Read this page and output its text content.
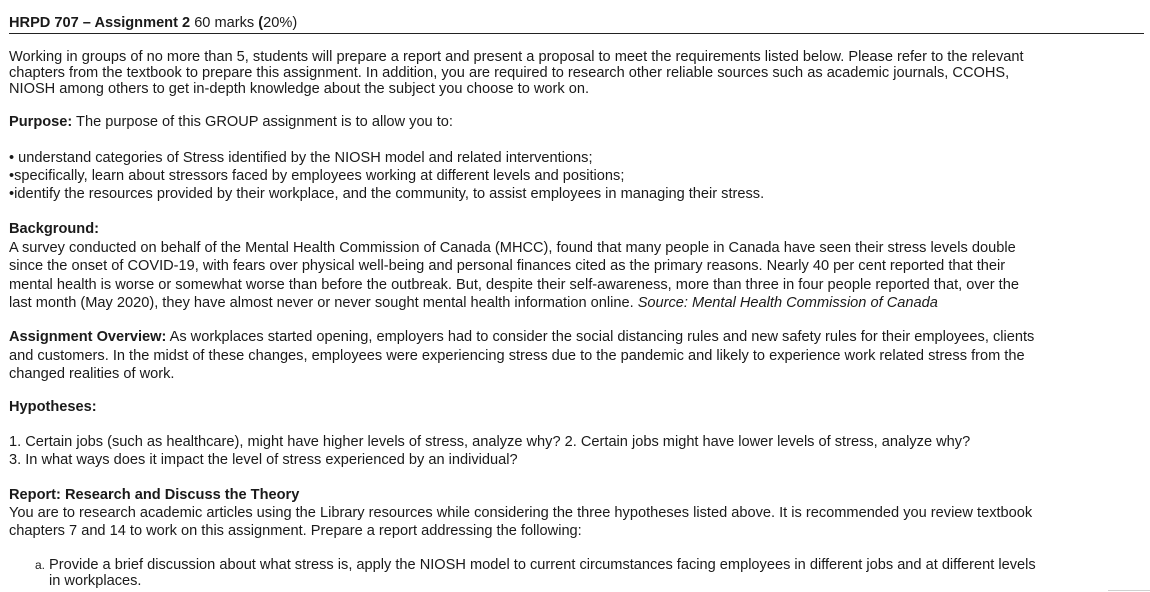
HRPD 707 – Assignment 2 60 marks (20%)
Working in groups of no more than 5, students will prepare a report and present a proposal to meet the requirements listed below. Please refer to the relevant
chapters from the textbook to prepare this assignment. In addition, you are required to research other reliable sources such as academic journals, CCOHS,
NIOSH among others to get in-depth knowledge about the subject you choose to work on.
Purpose: The purpose of this GROUP assignment is to allow you to:
• understand categories of Stress identified by the NIOSH model and related interventions;
•specifically, learn about stressors faced by employees working at different levels and positions;
•identify the resources provided by their workplace, and the community, to assist employees in managing their stress.
Background:
A survey conducted on behalf of the Mental Health Commission of Canada (MHCC), found that many people in Canada have seen their stress levels double
since the onset of COVID-19, with fears over physical well-being and personal finances cited as the primary reasons. Nearly 40 per cent reported that their
mental health is worse or somewhat worse than before the outbreak. But, despite their self-awareness, more than three in four people reported that, over the
last month (May 2020), they have almost never or never sought mental health information online. Source: Mental Health Commission of Canada
Assignment Overview: As workplaces started opening, employers had to consider the social distancing rules and new safety rules for their employees, clients
and customers. In the midst of these changes, employees were experiencing stress due to the pandemic and likely to experience work related stress from the
changed realities of work.
Hypotheses:
1. Certain jobs (such as healthcare), might have higher levels of stress, analyze why? 2. Certain jobs might have lower levels of stress, analyze why?
3. In what ways does it impact the level of stress experienced by an individual?
Report: Research and Discuss the Theory
You are to research academic articles using the Library resources while considering the three hypotheses listed above. It is recommended you review textbook
chapters 7 and 14 to work on this assignment. Prepare a report addressing the following:
a. Provide a brief discussion about what stress is, apply the NIOSH model to current circumstances facing employees in different jobs and at different levels
in workplaces.
